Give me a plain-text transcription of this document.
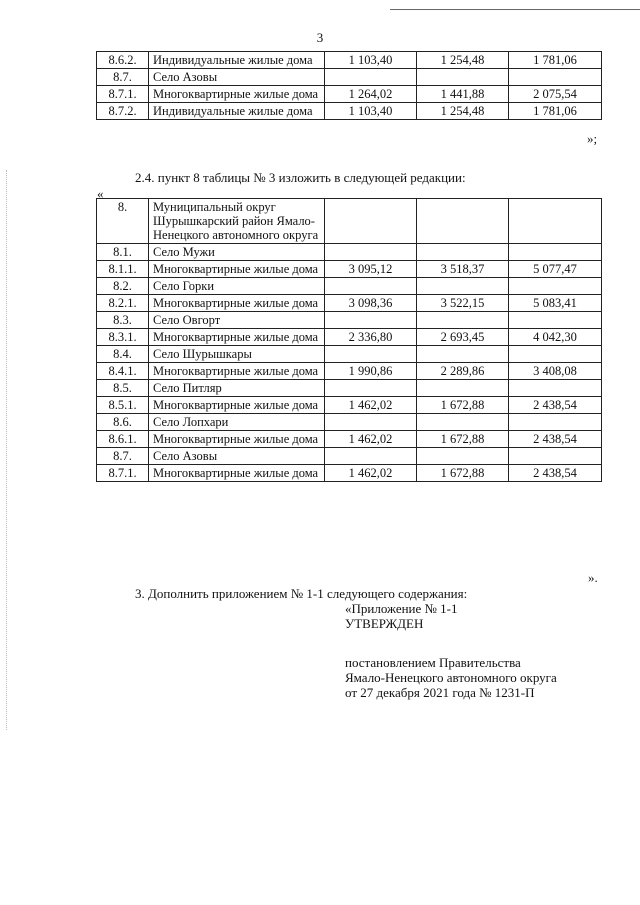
3
8.6.2.	Индивидуальные жилые дома	1 103,40	1 254,48	1 781,06
8.7.	Село Азовы			
8.7.1.	Многоквартирные жилые дома	1 264,02	1 441,88	2 075,54
8.7.2.	Индивидуальные жилые дома	1 103,40	1 254,48	1 781,06
»;
2.4. пункт 8 таблицы № 3 изложить в следующей редакции:
«
8.	Муниципальный округ Шурышкарский район Ямало-Ненецкого автономного округа			
8.1.	Село Мужи			
8.1.1.	Многоквартирные жилые дома	3 095,12	3 518,37	5 077,47
8.2.	Село Горки			
8.2.1.	Многоквартирные жилые дома	3 098,36	3 522,15	5 083,41
8.3.	Село Овгорт			
8.3.1.	Многоквартирные жилые дома	2 336,80	2 693,45	4 042,30
8.4.	Село Шурышкары			
8.4.1.	Многоквартирные жилые дома	1 990,86	2 289,86	3 408,08
8.5.	Село Питляр			
8.5.1.	Многоквартирные жилые дома	1 462,02	1 672,88	2 438,54
8.6.	Село Лопхари			
8.6.1.	Многоквартирные жилые дома	1 462,02	1 672,88	2 438,54
8.7.	Село Азовы			
8.7.1.	Многоквартирные жилые дома	1 462,02	1 672,88	2 438,54
».
3. Дополнить приложением № 1-1 следующего содержания:
«Приложение № 1-1
УТВЕРЖДЕН
постановлением Правительства
Ямало-Ненецкого автономного округа
от 27 декабря 2021 года № 1231-П
